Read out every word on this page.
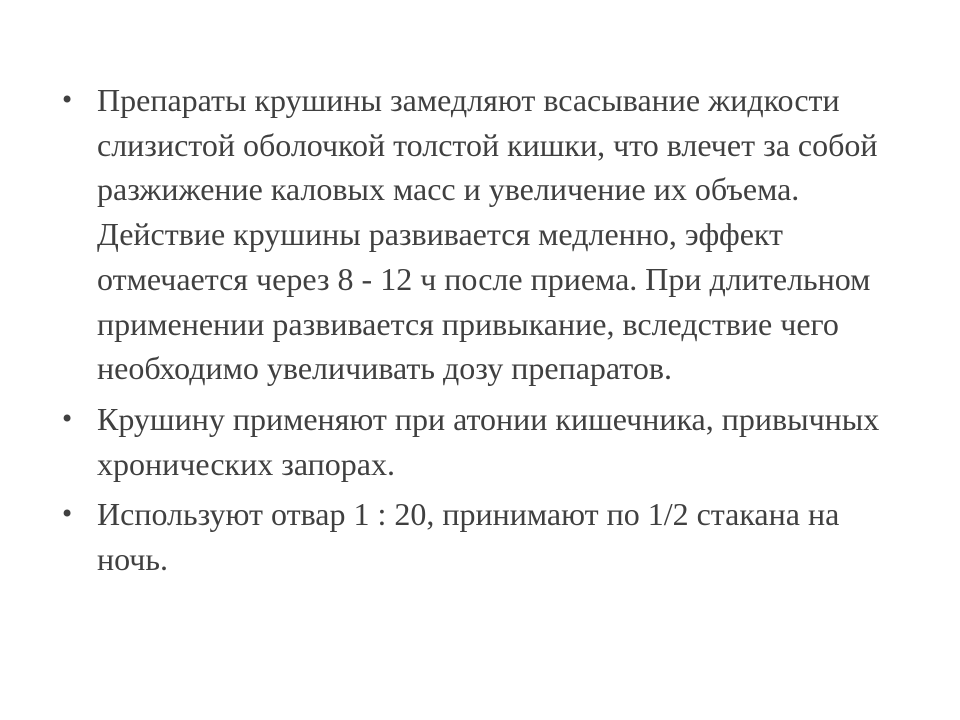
• Препараты крушины замедляют всасывание жидкости слизистой оболочкой толстой кишки, что влечет за собой разжижение каловых масс и увеличение их объема. Действие крушины развивается медленно, эффект отмечается через 8 - 12 ч после приема. При длительном применении развивается привыкание, вследствие чего необходимо увеличивать дозу препаратов.
• Крушину применяют при атонии кишечника, привычных хронических запорах.
• Используют отвар 1 : 20, принимают по 1/2 стакана на ночь.
